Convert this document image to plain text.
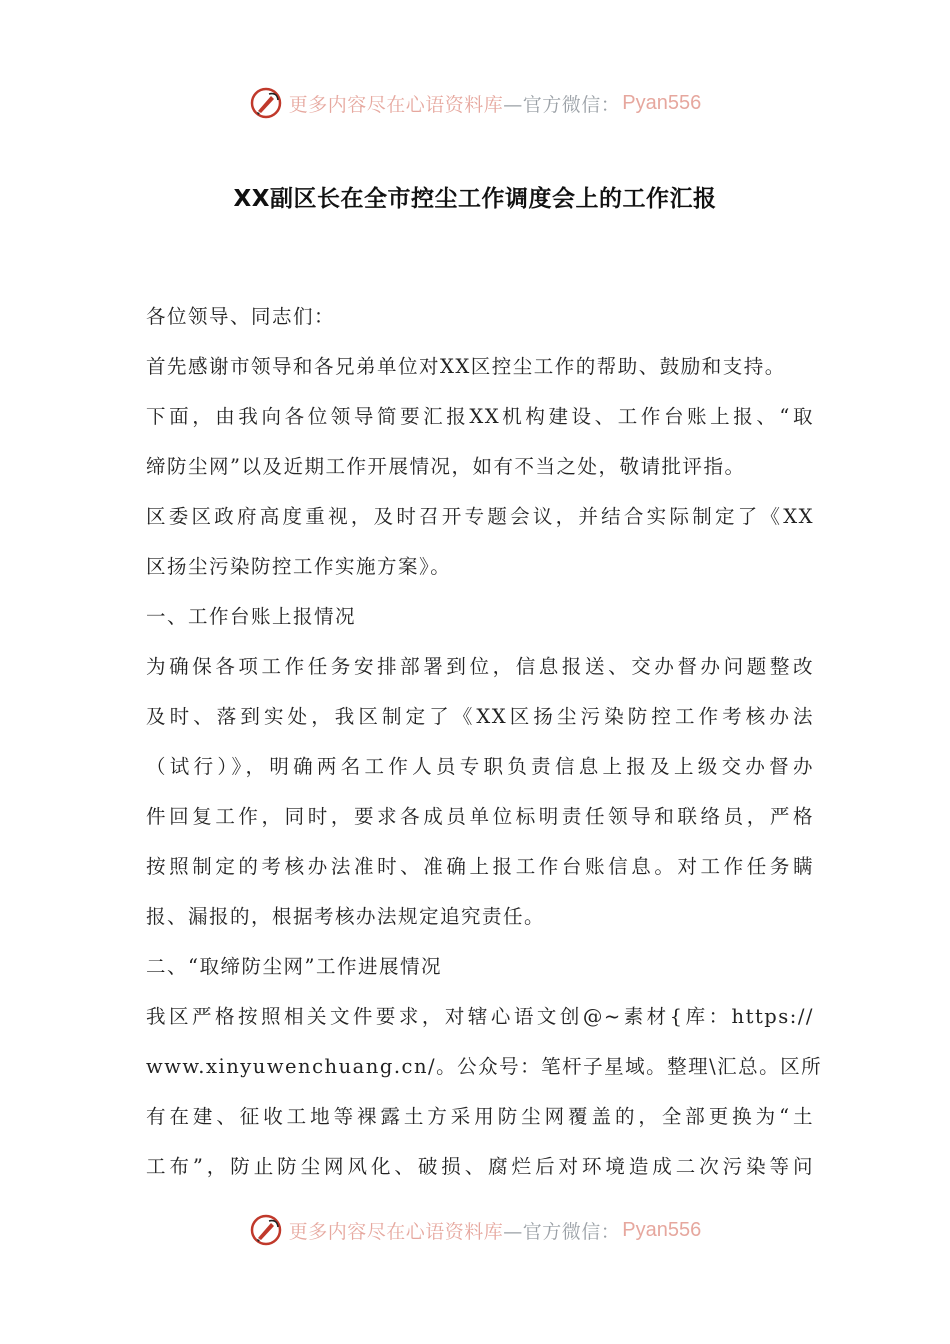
更多内容尽在心语资料库 —官方微信： Pyan556
XX副区长在全市控尘工作调度会上的工作汇报
各位领导、同志们：
首先感谢市领导和各兄弟单位对XX区控尘工作的帮助、鼓励和支持。
下面，由我向各位领导简要汇报XX机构建设、工作台账上报、“取
缔防尘网”以及近期工作开展情况，如有不当之处，敬请批评指。
区委区政府高度重视，及时召开专题会议，并结合实际制定了《XX
区扬尘污染防控工作实施方案》。
一、工作台账上报情况
为确保各项工作任务安排部署到位，信息报送、交办督办问题整改
及时、落到实处，我区制定了《XX区扬尘污染防控工作考核办法
（试行）》，明确两名工作人员专职负责信息上报及上级交办督办
件回复工作，同时，要求各成员单位标明责任领导和联络员，严格
按照制定的考核办法准时、准确上报工作台账信息。对工作任务瞒
报、漏报的，根据考核办法规定追究责任。
二、“取缔防尘网”工作进展情况
我区严格按照相关文件要求，对辖心语文创@~素材{库：https://
www.xinyuwenchuang.cn/。公众号：笔杆子星域。整理\汇总。区所
有在建、征收工地等裸露土方采用防尘网覆盖的，全部更换为“土
工布”，防止防尘网风化、破损、腐烂后对环境造成二次污染等问
更多内容尽在心语资料库 —官方微信： Pyan556
